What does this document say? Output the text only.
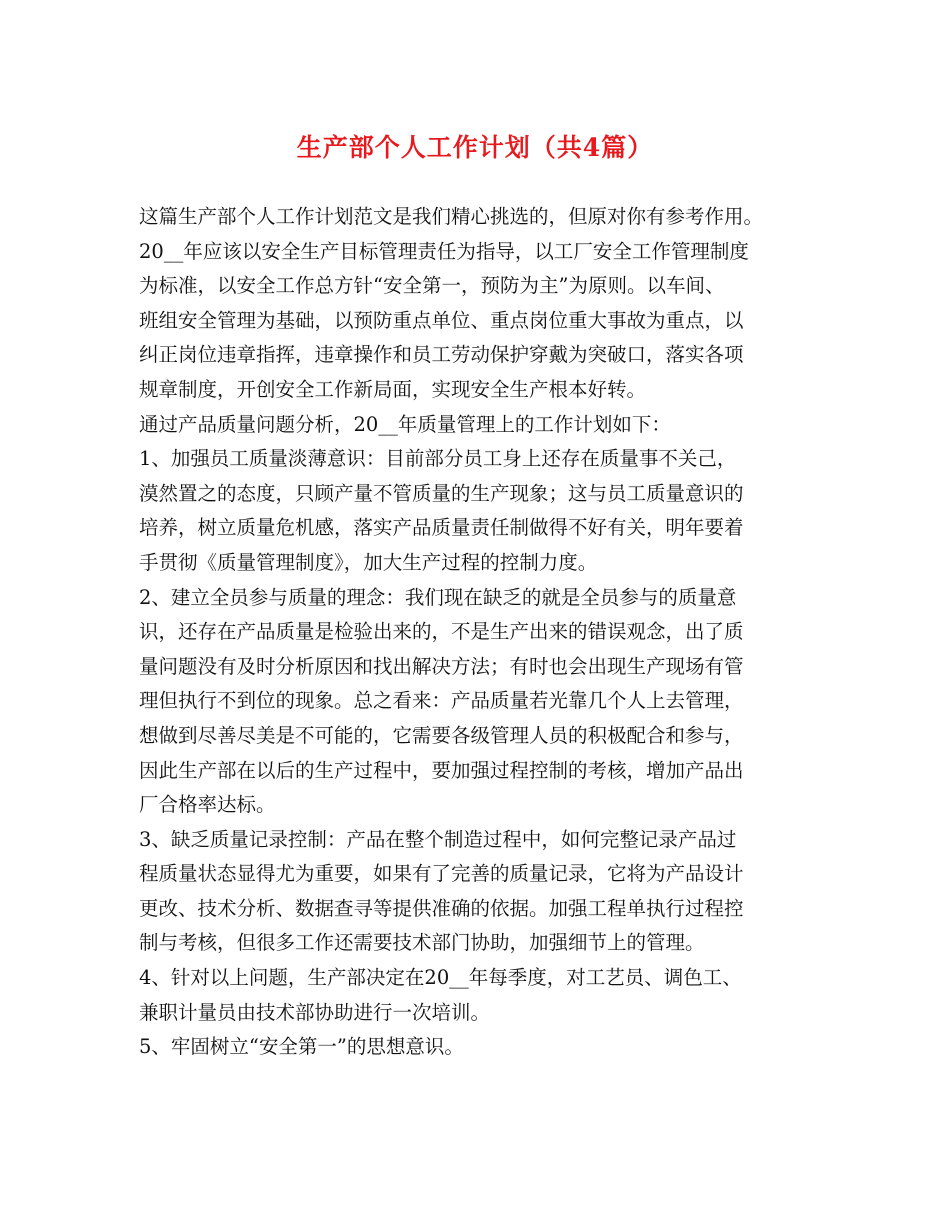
生产部个人工作计划（共4篇）
这篇生产部个人工作计划范文是我们精心挑选的，但原对你有参考作用。
20__年应该以安全生产目标管理责任为指导，以工厂安全工作管理制度
为标准，以安全工作总方针“安全第一，预防为主”为原则。以车间、
班组安全管理为基础，以预防重点单位、重点岗位重大事故为重点，以
纠正岗位违章指挥，违章操作和员工劳动保护穿戴为突破口，落实各项
规章制度，开创安全工作新局面，实现安全生产根本好转。
通过产品质量问题分析，20__年质量管理上的工作计划如下：
1、加强员工质量淡薄意识：目前部分员工身上还存在质量事不关己，
漠然置之的态度，只顾产量不管质量的生产现象；这与员工质量意识的
培养，树立质量危机感，落实产品质量责任制做得不好有关，明年要着
手贯彻《质量管理制度》，加大生产过程的控制力度。
2、建立全员参与质量的理念：我们现在缺乏的就是全员参与的质量意
识，还存在产品质量是检验出来的，不是生产出来的错误观念，出了质
量问题没有及时分析原因和找出解决方法；有时也会出现生产现场有管
理但执行不到位的现象。总之看来：产品质量若光靠几个人上去管理，
想做到尽善尽美是不可能的，它需要各级管理人员的积极配合和参与，
因此生产部在以后的生产过程中，要加强过程控制的考核，增加产品出
厂合格率达标。
3、缺乏质量记录控制：产品在整个制造过程中，如何完整记录产品过
程质量状态显得尤为重要，如果有了完善的质量记录，它将为产品设计
更改、技术分析、数据查寻等提供准确的依据。加强工程单执行过程控
制与考核，但很多工作还需要技术部门协助，加强细节上的管理。
4、针对以上问题，生产部决定在20__年每季度，对工艺员、调色工、
兼职计量员由技术部协助进行一次培训。
5、牢固树立“安全第一”的思想意识。
